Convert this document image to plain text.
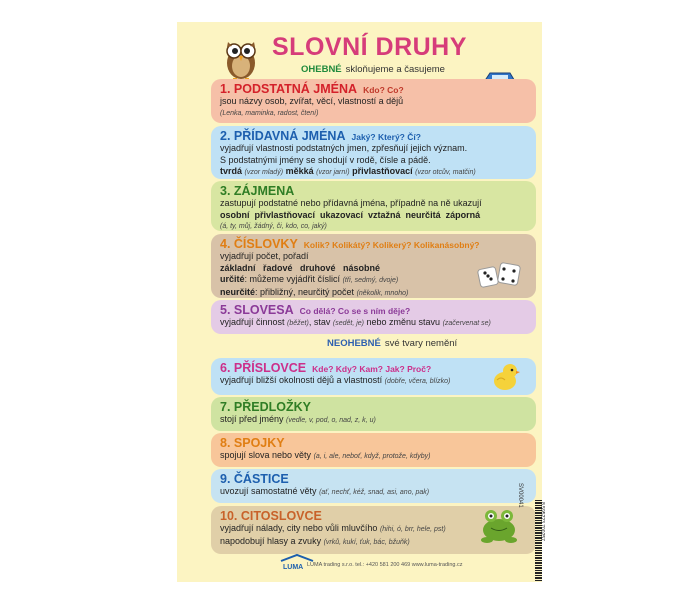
SLOVNÍ DRUHY
OHEBNÉ skloňujeme a časujeme
1. PODSTATNÁ JMÉNA Kdo? Co?
jsou názvy osob, zvířat, věcí, vlastností a dějů
(Lenka, maminka, radost, čtení)
2. PŘÍDAVNÁ JMÉNA Jaký? Který? Čí?
vyjadřují vlastnosti podstatných jmen, zpřesňují jejich význam.
S podstatnými jmény se shodují v rodě, čísle a pádě.
tvrdá (vzor mladý) měkká (vzor jarní) přivlastňovací (vzor otcův, matčin)
3. ZÁJMENA
zastupují podstatné nebo přídavná jména, případně na ně ukazují
osobní  přivlastňovací  ukazovací  vztažná  neurčitá  záporná
(á, ty, můj, žádný, či, kdo, co, jaký)
4. ČÍSLOVKY Kolik? Kolikátý? Kolikerý? Kolikanásobný?
vyjadřují počet, pořadí
základní   řadové   druhové   násobné
určité: můžeme vyjádřit číslicí (tři, sedmý, dvoje)
neurčité: přibližný, neurčitý počet (několik, mnoho)
5. SLOVESA Co dělá? Co se s ním děje?
vyjadřují činnost (běžet), stav (sedět, je) nebo změnu stavu (začervenat se)
NEOHEBNÉ své tvary nemění
6. PŘÍSLOVCE Kde? Kdy? Kam? Jak? Proč?
vyjadřují bližší okolnosti dějů a vlastností (dobře, včera, blízko)
7. PŘEDLOŽKY
stojí před jmény (vedle, v, pod, o, nad, z, k, u)
8. SPOJKY
spojují slova nebo věty (a, i, ale, neboť, když, protože, kdyby)
9. ČÁSTICE
uvozují samostatné věty (ať, nechť, kéž, snad, asi, ano, pak)
10. CITOSLOVCE
vyjadřují nálady, city nebo vůli mluvčího (hihi, ó, brr, hele, pst)
napodobují hlasy a zvuky (vrků, kukí, ťuk, bác, bžuňk)
LUMA LUMA trading s.r.o. tel.: +420 581 200 469 www.luma-trading.cz
SV00041
8 595223 700257
